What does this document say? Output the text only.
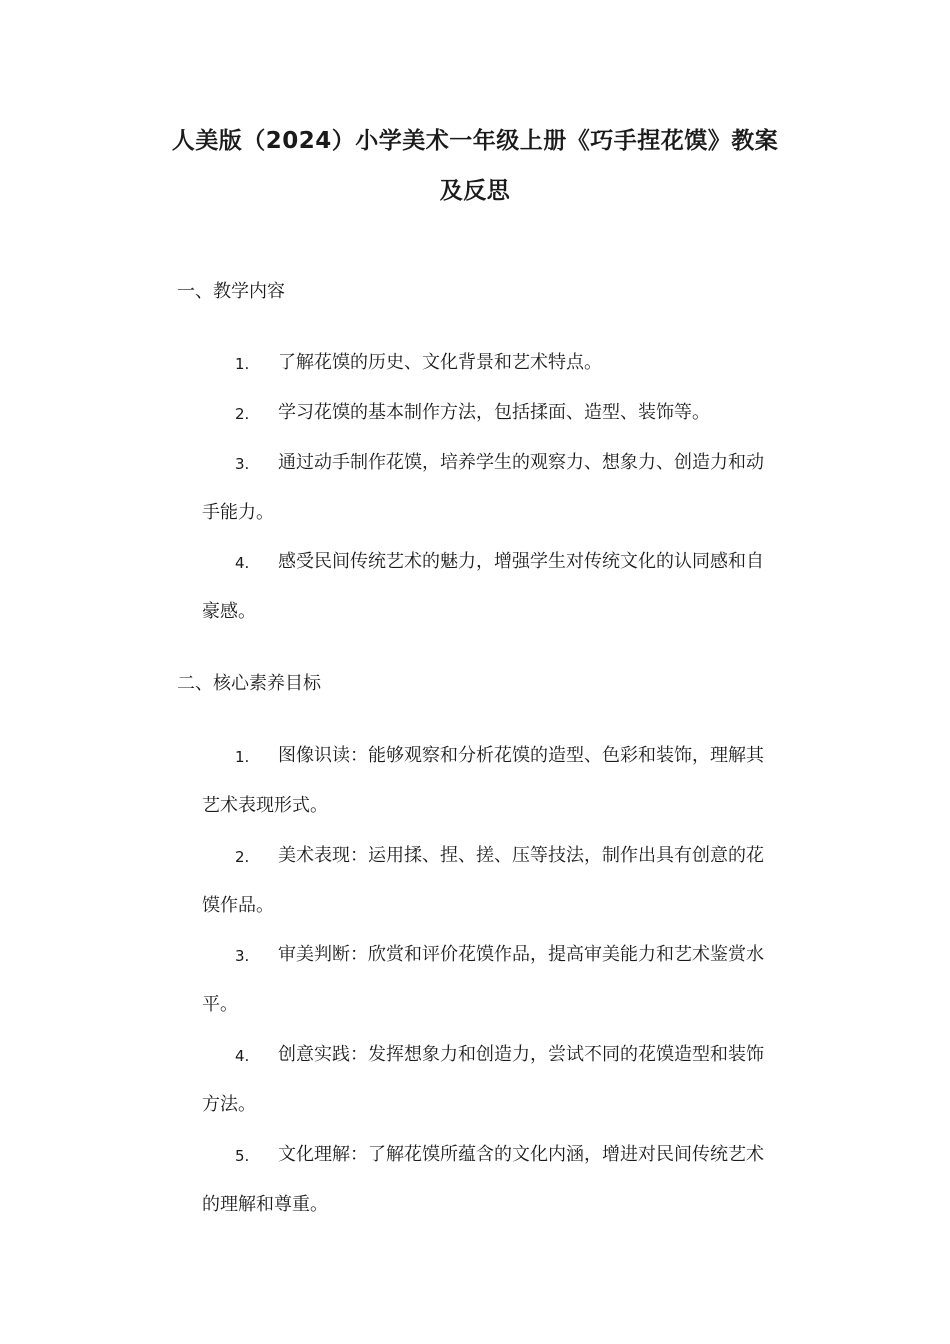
人美版（2024）小学美术一年级上册《巧手捏花馍》教案
及反思
一、教学内容
1. 了解花馍的历史、文化背景和艺术特点。
2. 学习花馍的基本制作方法，包括揉面、造型、装饰等。
3. 通过动手制作花馍，培养学生的观察力、想象力、创造力和动
手能力。
4. 感受民间传统艺术的魅力，增强学生对传统文化的认同感和自
豪感。
二、核心素养目标
1. 图像识读：能够观察和分析花馍的造型、色彩和装饰，理解其
艺术表现形式。
2. 美术表现：运用揉、捏、搓、压等技法，制作出具有创意的花
馍作品。
3. 审美判断：欣赏和评价花馍作品，提高审美能力和艺术鉴赏水
平。
4. 创意实践：发挥想象力和创造力，尝试不同的花馍造型和装饰
方法。
5. 文化理解：了解花馍所蕴含的文化内涵，增进对民间传统艺术
的理解和尊重。
